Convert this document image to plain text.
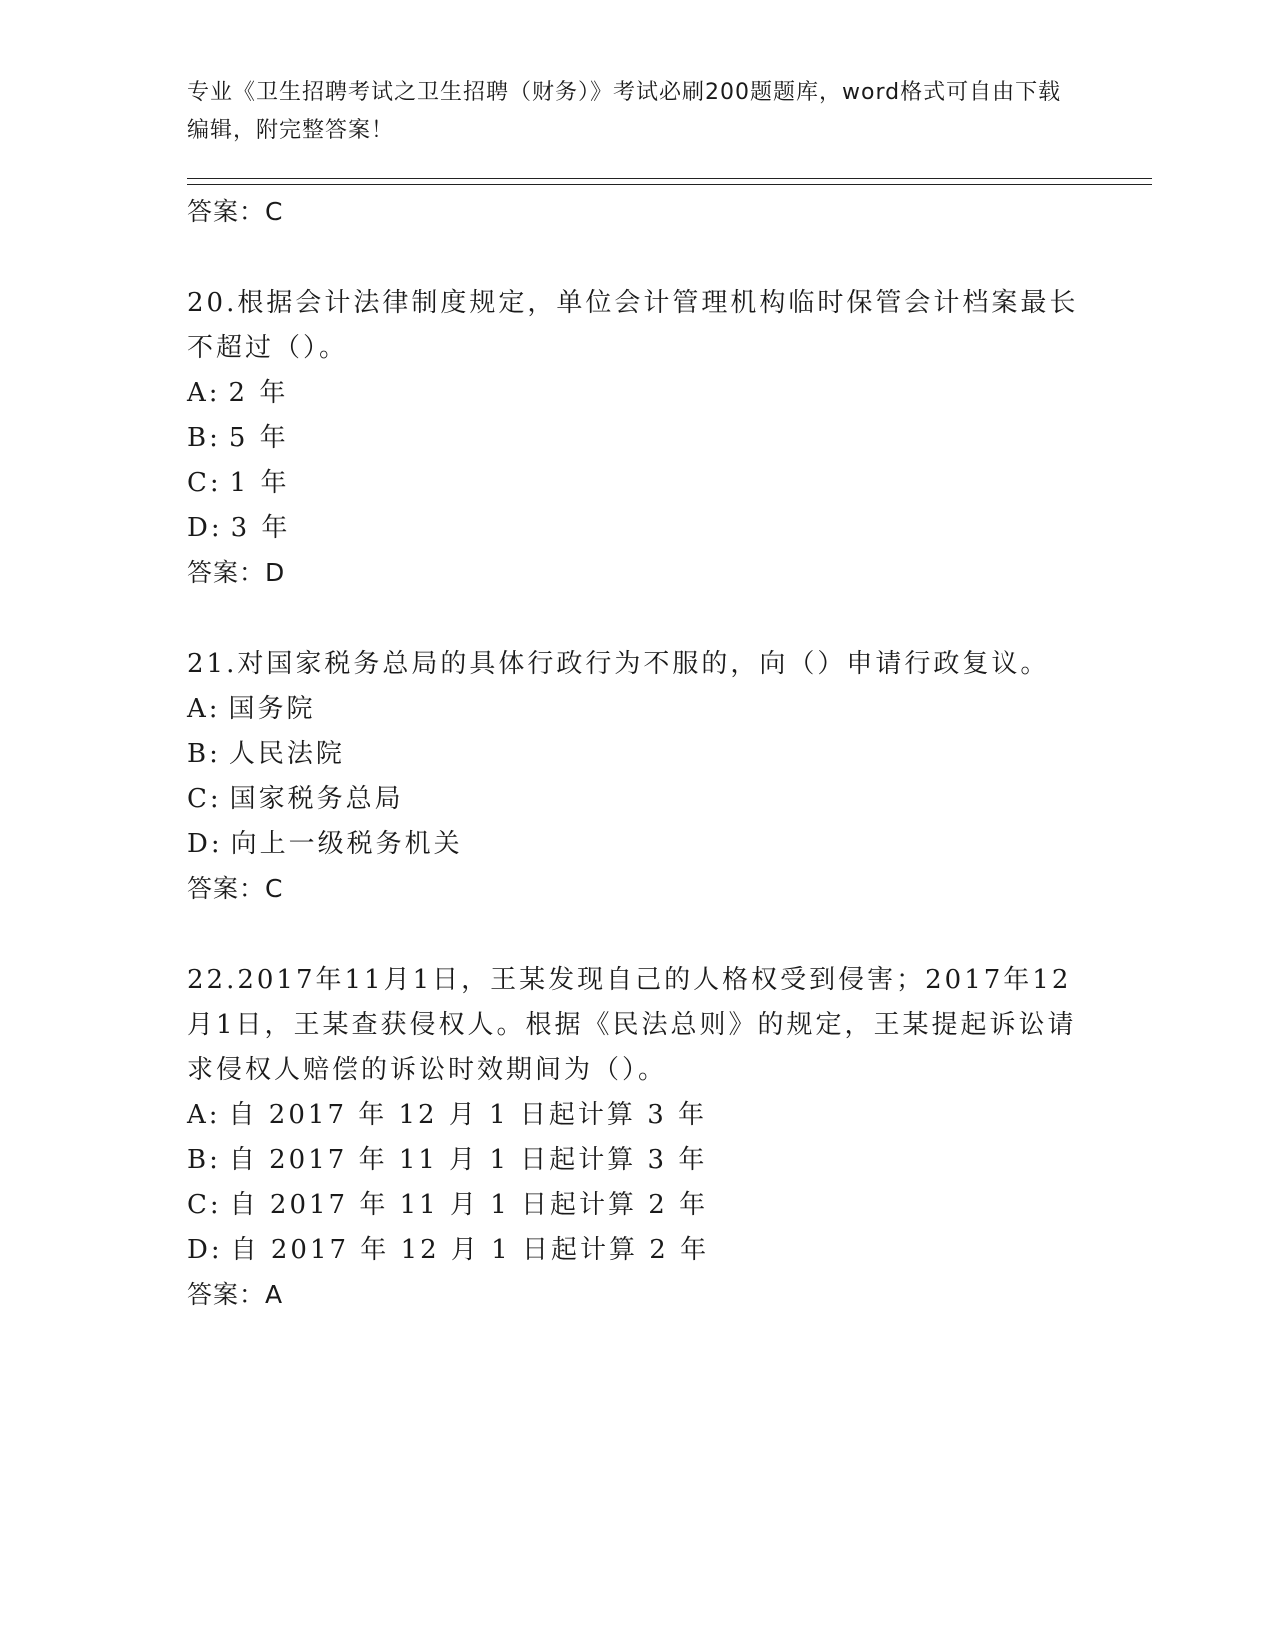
专业《卫生招聘考试之卫生招聘（财务）》考试必刷200题题库，word格式可自由下载编辑，附完整答案！
答案：C
20.根据会计法律制度规定，单位会计管理机构临时保管会计档案最长不超过（）。
A: 2 年
B: 5 年
C: 1 年
D: 3 年
答案：D
21.对国家税务总局的具体行政行为不服的，向（）申请行政复议。
A: 国务院
B: 人民法院
C: 国家税务总局
D: 向上一级税务机关
答案：C
22.2017年11月1日，王某发现自己的人格权受到侵害；2017年12月1日，王某查获侵权人。根据《民法总则》的规定，王某提起诉讼请求侵权人赔偿的诉讼时效期间为（）。
A: 自 2017 年 12 月 1 日起计算 3 年
B: 自 2017 年 11 月 1 日起计算 3 年
C: 自 2017 年 11 月 1 日起计算 2 年
D: 自 2017 年 12 月 1 日起计算 2 年
答案：A
